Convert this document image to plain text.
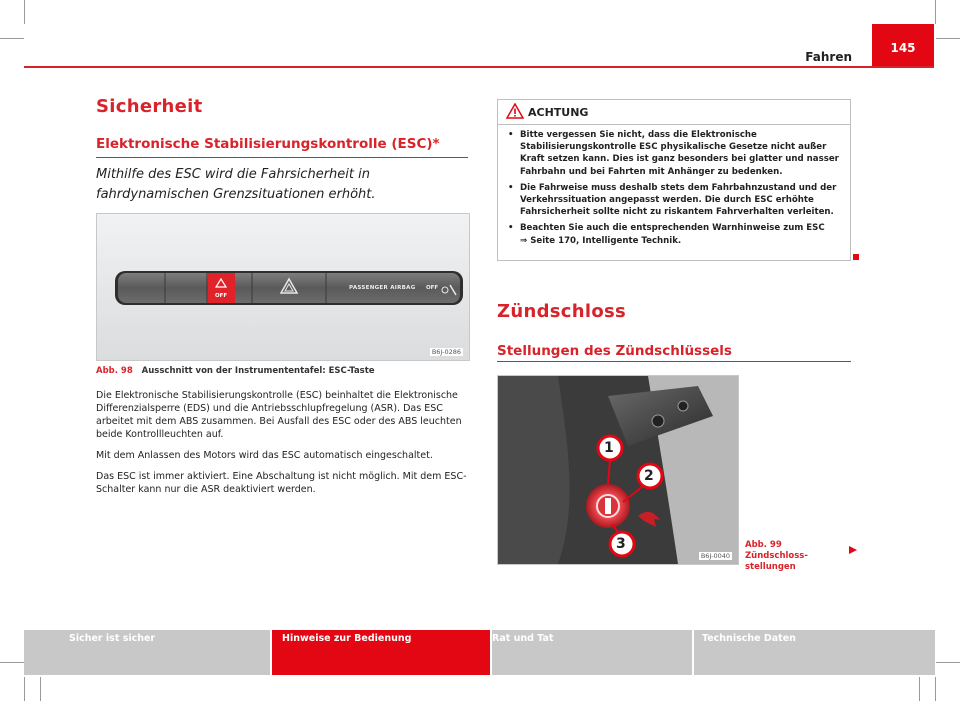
Fahren
145
Sicherheit
Elektronische Stabilisierungskontrolle (ESC)*
Mithilfe des ESC wird die Fahrsicherheit in fahrdynamischen Grenzsituationen erhöht.
OFF
PASSENGER AIRBAG OFF
B6J-0286
Abb. 98 Ausschnitt von der Instrumententafel: ESC-Taste

Die Elektronische Stabilisierungskontrolle (ESC) beinhaltet die Elektronische Differenzialsperre (EDS) und die Antriebsschlupfregelung (ASR). Das ESC arbeitet mit dem ABS zusammen. Bei Ausfall des ESC oder des ABS leuchten beide Kontrollleuchten auf.

Mit dem Anlassen des Motors wird das ESC automatisch eingeschaltet.

Das ESC ist immer aktiviert. Eine Abschaltung ist nicht möglich. Mit dem ESC-Schalter kann nur die ASR deaktiviert werden.

ACHTUNG
• Bitte vergessen Sie nicht, dass die Elektronische Stabilisierungskontrolle ESC physikalische Gesetze nicht außer Kraft setzen kann. Dies ist ganz besonders bei glatter und nasser Fahrbahn und bei Fahrten mit Anhänger zu bedenken.
• Die Fahrweise muss deshalb stets dem Fahrbahnzustand und der Verkehrssituation angepasst werden. Die durch ESC erhöhte Fahrsicherheit sollte nicht zu riskantem Fahrverhalten verleiten.
• Beachten Sie auch die entsprechenden Warnhinweise zum ESC
⇒ Seite 170, Intelligente Technik.
Zündschloss
Stellungen des Zündschlüssels
1
2
3
B6J-0040
Abb. 99   Zündschlossstellungen
Sicher ist sicher	Hinweise zur Bedienung	Rat und Tat	Technische Daten
